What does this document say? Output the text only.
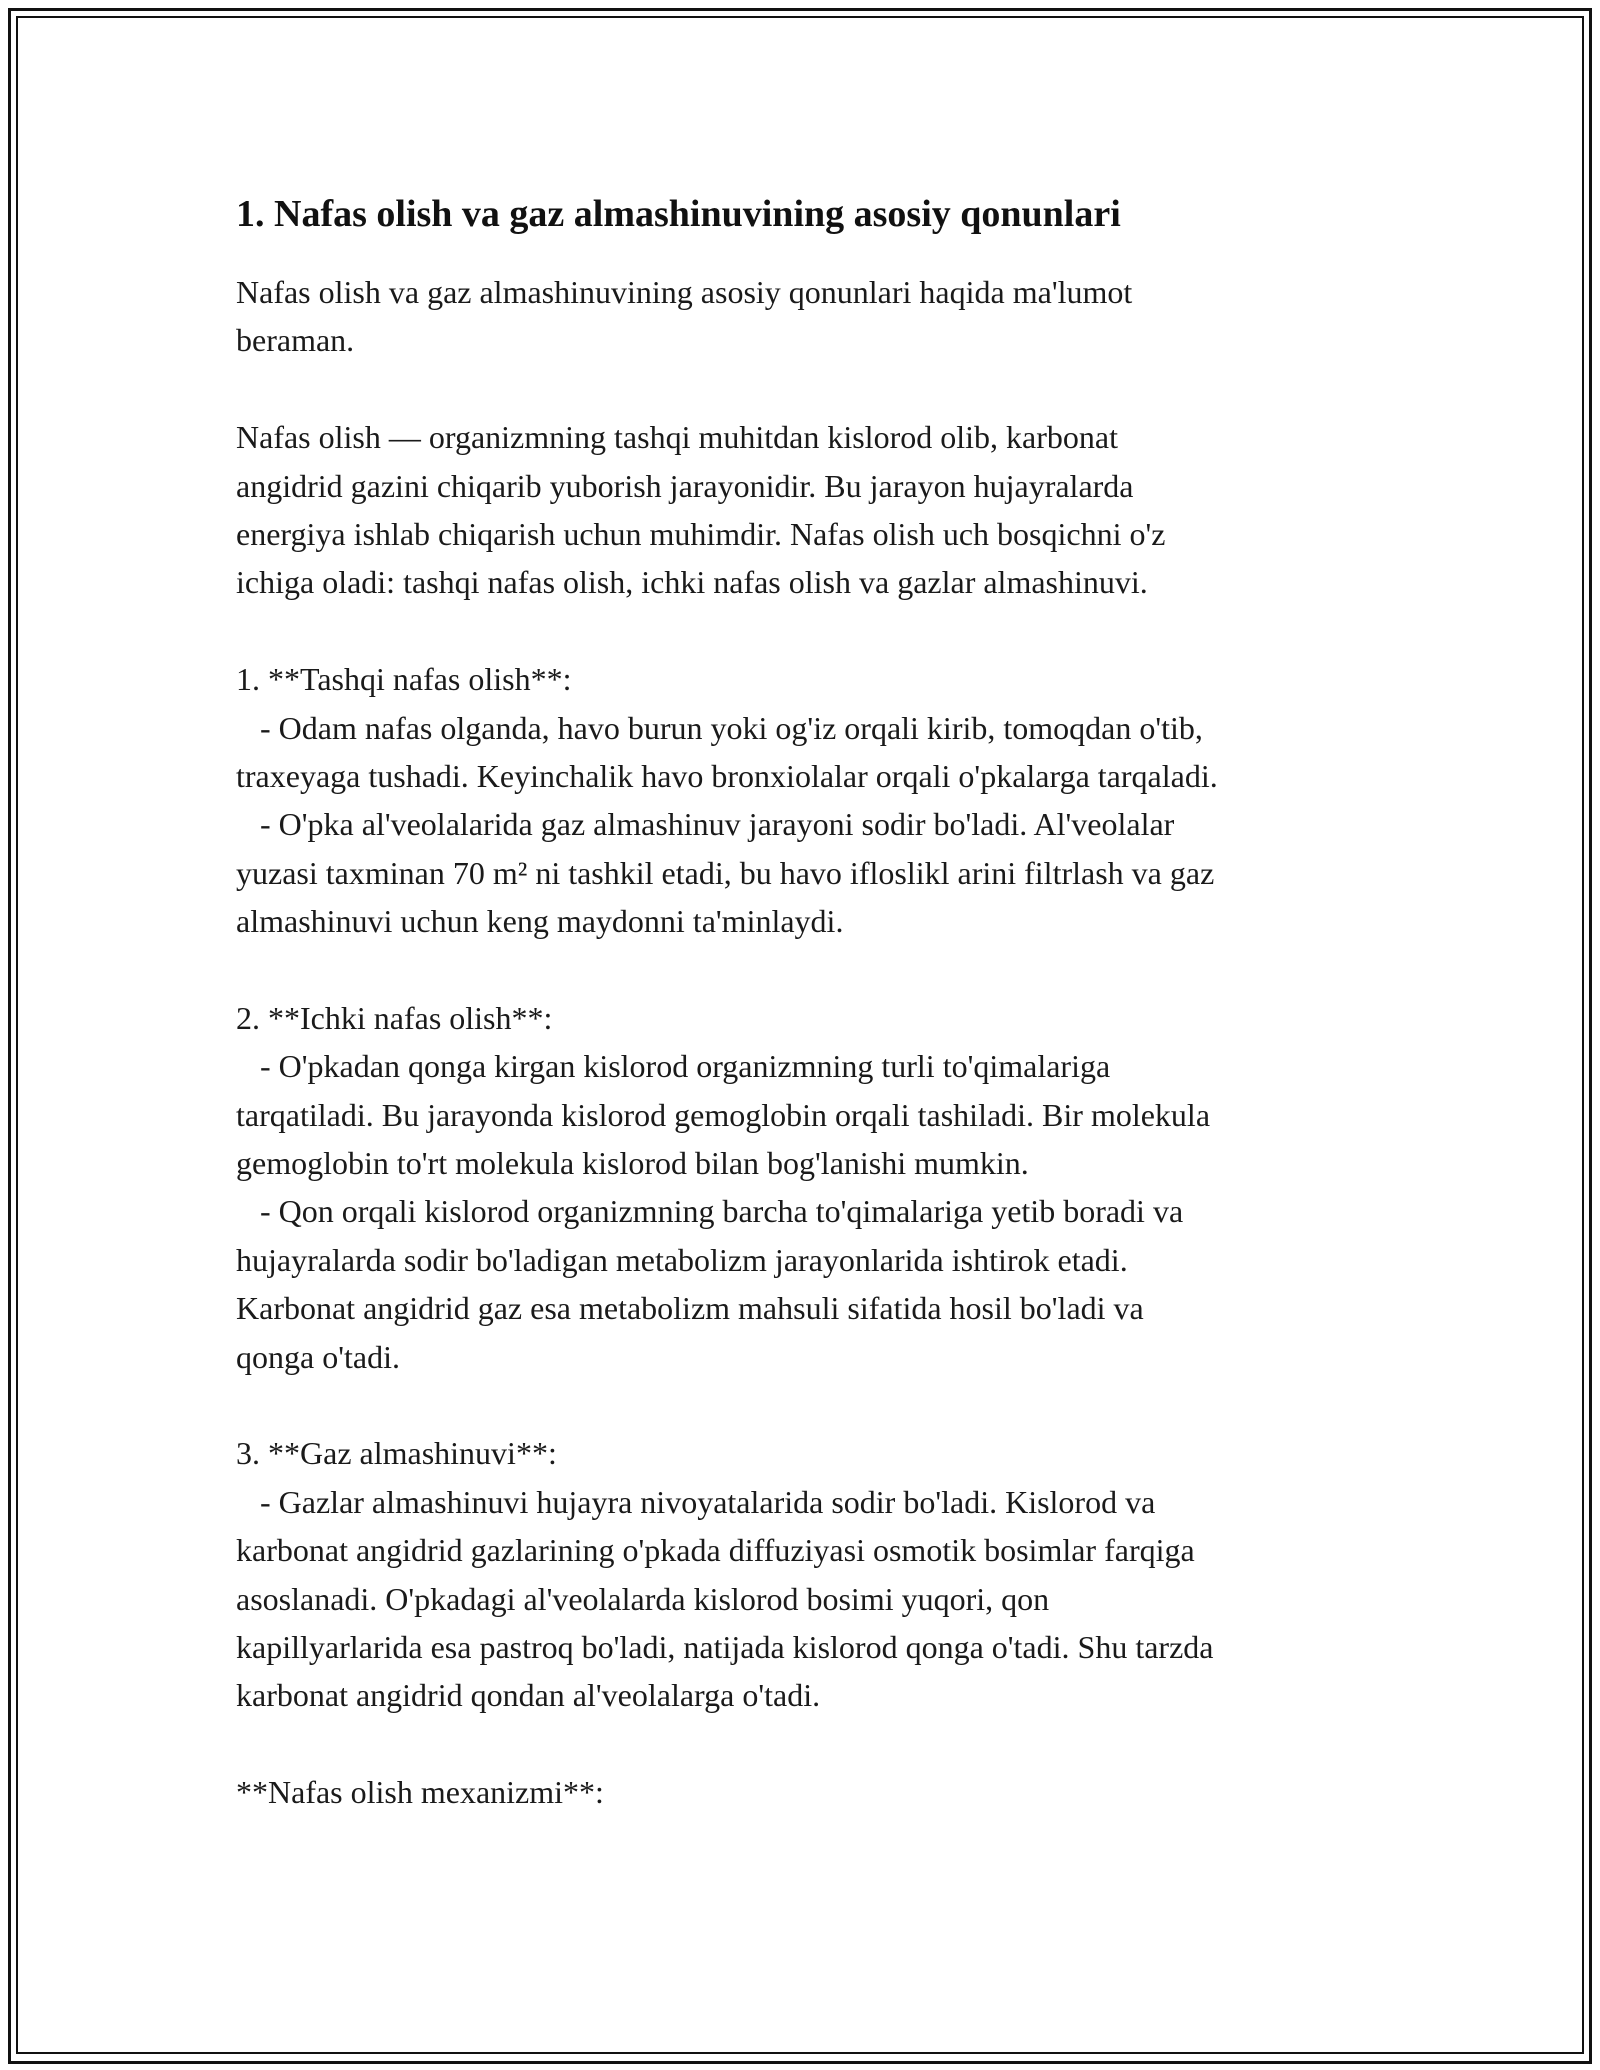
1. Nafas olish va gaz almashinuvining asosiy qonunlari

Nafas olish va gaz almashinuvining asosiy qonunlari haqida ma'lumot

beraman.

Nafas olish — organizmning tashqi muhitdan kislorod olib, karbonat

angidrid gazini chiqarib yuborish jarayonidir. Bu jarayon hujayralarda

energiya ishlab chiqarish uchun muhimdir. Nafas olish uch bosqichni o'z

ichiga oladi: tashqi nafas olish, ichki nafas olish va gazlar almashinuvi.

1. **Tashqi nafas olish**:

- Odam nafas olganda, havo burun yoki og'iz orqali kirib, tomoqdan o'tib,

traxeyaga tushadi. Keyinchalik havo bronxiolalar orqali o'pkalarga tarqaladi.

- O'pka al'veolalarida gaz almashinuv jarayoni sodir bo'ladi. Al'veolalar

yuzasi taxminan 70 m² ni tashkil etadi, bu havo ifloslikl arini filtrlash va gaz

almashinuvi uchun keng maydonni ta'minlaydi.

2. **Ichki nafas olish**:

- O'pkadan qonga kirgan kislorod organizmning turli to'qimalariga

tarqatiladi. Bu jarayonda kislorod gemoglobin orqali tashiladi. Bir molekula

gemoglobin to'rt molekula kislorod bilan bog'lanishi mumkin.

- Qon orqali kislorod organizmning barcha to'qimalariga yetib boradi va

hujayralarda sodir bo'ladigan metabolizm jarayonlarida ishtirok etadi.

Karbonat angidrid gaz esa metabolizm mahsuli sifatida hosil bo'ladi va

qonga o'tadi.

3. **Gaz almashinuvi**:

- Gazlar almashinuvi hujayra nivoyatalarida sodir bo'ladi. Kislorod va

karbonat angidrid gazlarining o'pkada diffuziyasi osmotik bosimlar farqiga

asoslanadi. O'pkadagi al'veolalarda kislorod bosimi yuqori, qon

kapillyarlarida esa pastroq bo'ladi, natijada kislorod qonga o'tadi. Shu tarzda

karbonat angidrid qondan al'veolalarga o'tadi.

**Nafas olish mexanizmi**:
